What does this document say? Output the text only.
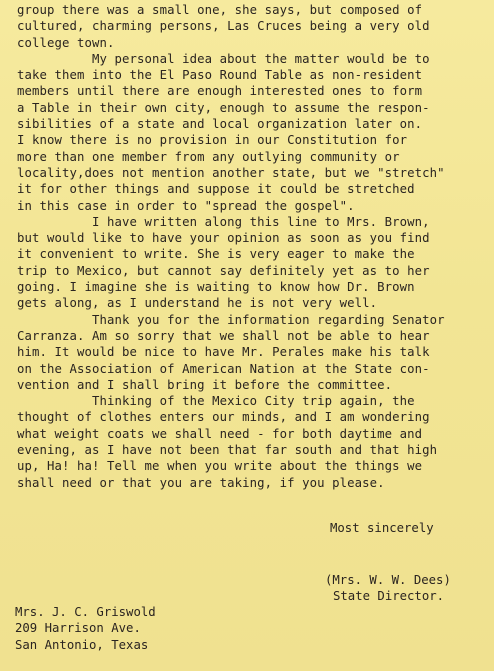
group there was a small one, she says, but composed of
cultured, charming persons, Las Cruces being a very old
college town.
My personal idea about the matter would be to
take them into the El Paso Round Table as non-resident
members until there are enough interested ones to form
a Table in their own city, enough to assume the respon-
sibilities of a state and local organization later on.
I know there is no provision in our Constitution for
more than one member from any outlying community or
locality,does not mention another state, but we "stretch"
it for other things and suppose it could be stretched
in this case in order to "spread the gospel".
I have written along this line to Mrs. Brown,
but would like to have your opinion as soon as you find
it convenient to write. She is very eager to make the
trip to Mexico, but cannot say definitely yet as to her
going. I imagine she is waiting to know how Dr. Brown
gets along, as I understand he is not very well.
Thank you for the information regarding Senator
Carranza. Am so sorry that we shall not be able to hear
him. It would be nice to have Mr. Perales make his talk
on the Association of American Nation at the State con-
vention and I shall bring it before the committee.
Thinking of the Mexico City trip again, the
thought of clothes enters our minds, and I am wondering
what weight coats we shall need - for both daytime and
evening, as I have not been that far south and that high
up, Ha! ha! Tell me when you write about the things we
shall need or that you are taking, if you please.
Most sincerely
(Mrs. W. W. Dees)
State Director.
Mrs. J. C. Griswold
209 Harrison Ave.
San Antonio, Texas
